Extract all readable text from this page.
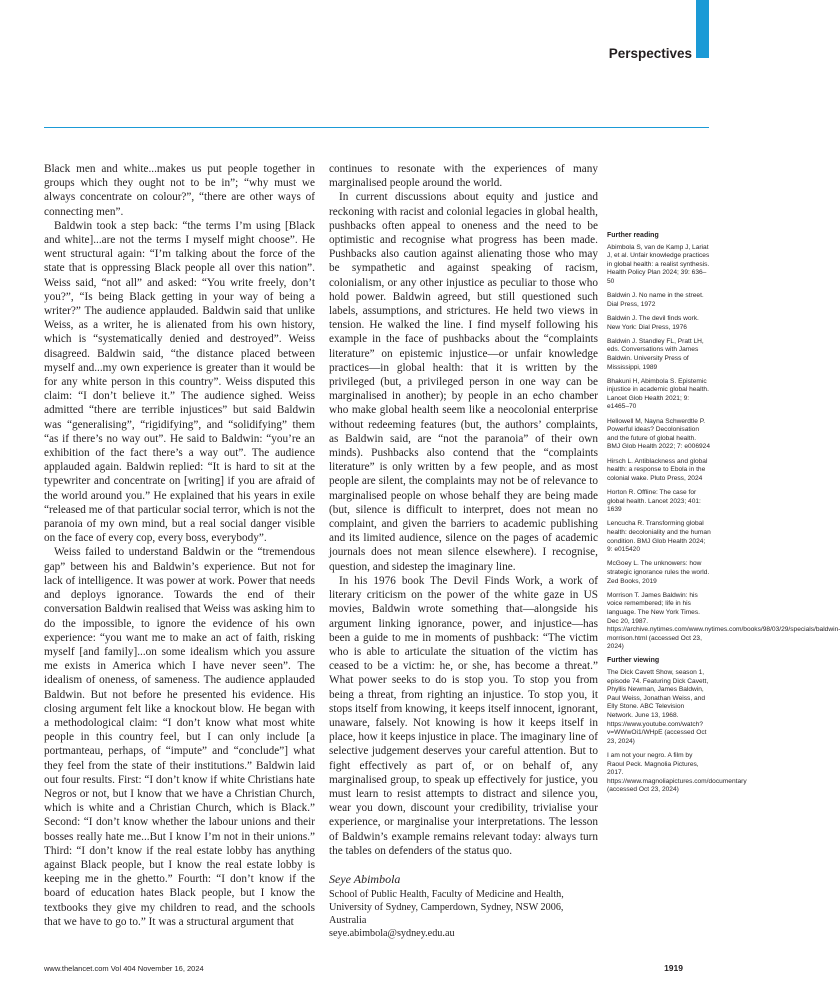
Perspectives

Black men and white...makes us put people together in groups which they ought not to be in”; “why must we always concentrate on colour?”, “there are other ways of connecting men”.

Baldwin took a step back: “the terms I’m using [Black and white]...are not the terms I myself might choose”. He went structural again: “I’m talking about the force of the state that is oppressing Black people all over this nation”. Weiss said, “not all” and asked: “You write freely, don’t you?”, “Is being Black getting in your way of being a writer?” The audience applauded. Baldwin said that unlike Weiss, as a writer, he is alienated from his own history, which is “systematically denied and destroyed”. Weiss disagreed. Baldwin said, “the distance placed between myself and...my own experience is greater than it would be for any white person in this country”. Weiss disputed this claim: “I don’t believe it.” The audience sighed. Weiss admitted “there are terrible injustices” but said Baldwin was “generalising”, “rigidifying”, and “solidifying” them “as if there’s no way out”. He said to Baldwin: “you’re an exhibition of the fact there’s a way out”. The audience applauded again. Baldwin replied: “It is hard to sit at the typewriter and concentrate on [writing] if you are afraid of the world around you.” He explained that his years in exile “released me of that particular social terror, which is not the paranoia of my own mind, but a real social danger visible on the face of every cop, every boss, everybody”.

Weiss failed to understand Baldwin or the “tremendous gap” between his and Baldwin’s experience. But not for lack of intelligence. It was power at work. Power that needs and deploys ignorance. Towards the end of their conversation Baldwin realised that Weiss was asking him to do the impossible, to ignore the evidence of his own experience: “you want me to make an act of faith, risking myself [and family]...on some idealism which you assure me exists in America which I have never seen”. The idealism of oneness, of sameness. The audience applauded Baldwin. But not before he presented his evidence. His closing argument felt like a knockout blow. He began with a methodological claim: “I don’t know what most white people in this country feel, but I can only include [a portmanteau, perhaps, of “impute” and “conclude”] what they feel from the state of their institutions.” Baldwin laid out four results. First: “I don’t know if white Christians hate Negros or not, but I know that we have a Christian Church, which is white and a Christian Church, which is Black.” Second: “I don’t know whether the labour unions and their bosses really hate me...But I know I’m not in their unions.” Third: “I don’t know if the real estate lobby has anything against Black people, but I know the real estate lobby is keeping me in the ghetto.” Fourth: “I don’t know if the board of education hates Black people, but I know the textbooks they give my children to read, and the schools that we have to go to.” It was a structural argument that

continues to resonate with the experiences of many marginalised people around the world.

In current discussions about equity and justice and reckoning with racist and colonial legacies in global health, pushbacks often appeal to oneness and the need to be optimistic and recognise what progress has been made. Pushbacks also caution against alienating those who may be sympathetic and against speaking of racism, colonialism, or any other injustice as peculiar to those who hold power. Baldwin agreed, but still questioned such labels, assumptions, and strictures. He held two views in tension. He walked the line. I find myself following his example in the face of pushbacks about the “complaints literature” on epistemic injustice—or unfair knowledge practices—in global health: that it is written by the privileged (but, a privileged person in one way can be marginalised in another); by people in an echo chamber who make global health seem like a neocolonial enterprise without redeeming features (but, the authors’ complaints, as Baldwin said, are “not the paranoia” of their own minds). Pushbacks also contend that the “complaints literature” is only written by a few people, and as most people are silent, the complaints may not be of relevance to marginalised people on whose behalf they are being made (but, silence is difficult to interpret, does not mean no complaint, and given the barriers to academic publishing and its limited audience, silence on the pages of academic journals does not mean silence elsewhere). I recognise, question, and sidestep the imaginary line.

In his 1976 book The Devil Finds Work, a work of literary criticism on the power of the white gaze in US movies, Baldwin wrote something that—alongside his argument linking ignorance, power, and injustice—has been a guide to me in moments of pushback: “The victim who is able to articulate the situation of the victim has ceased to be a victim: he, or she, has become a threat.” What power seeks to do is stop you. To stop you from being a threat, from righting an injustice. To stop you, it stops itself from knowing, it keeps itself innocent, ignorant, unaware, falsely. Not knowing is how it keeps itself in place, how it keeps injustice in place. The imaginary line of selective judgement deserves your careful attention. But to fight effectively as part of, or on behalf of, any marginalised group, to speak up effectively for justice, you must learn to resist attempts to distract and silence you, wear you down, discount your credibility, trivialise your experience, or marginalise your interpretations. The lesson of Baldwin’s example remains relevant today: always turn the tables on defenders of the status quo.

Seye Abimbola
School of Public Health, Faculty of Medicine and Health, University of Sydney, Camperdown, Sydney, NSW 2006, Australia
seye.abimbola@sydney.edu.au
Further reading
Abimbola S, van de Kamp J, Lariat J, et al. Unfair knowledge practices in global health: a realist synthesis. Health Policy Plan 2024; 39: 636–50
Baldwin J. No name in the street. Dial Press, 1972
Baldwin J. The devil finds work. New York: Dial Press, 1976
Baldwin J. Standley FL, Pratt LH, eds. Conversations with James Baldwin. University Press of Mississippi, 1989
Bhakuni H, Abimbola S. Epistemic injustice in academic global health. Lancet Glob Health 2021; 9: e1465–70
Hellowell M, Nayna Schwerdtle P. Powerful ideas? Decolonisation and the future of global health. BMJ Glob Health 2022; 7: e006924
Hirsch L. Antiblackness and global health: a response to Ebola in the colonial wake. Pluto Press, 2024
Horton R. Offline: The case for global health. Lancet 2023; 401: 1639
Lencucha R. Transforming global health: decoloniality and the human condition. BMJ Glob Health 2024; 9: e015420
McGoey L. The unknowers: how strategic ignorance rules the world. Zed Books, 2019
Morrison T. James Baldwin: his voice remembered; life in his language. The New York Times. Dec 20, 1987. https://archive.nytimes.com/www.nytimes.com/books/98/03/29/specials/baldwin-morrison.html (accessed Oct 23, 2024)
Further viewing
The Dick Cavett Show, season 1, episode 74. Featuring Dick Cavett, Phyllis Newman, James Baldwin, Paul Weiss, Jonathan Weiss, and Elly Stone. ABC Television Network. June 13, 1968. https://www.youtube.com/watch?v=WWwOi1/WHpE (accessed Oct 23, 2024)
I am not your negro. A film by Raoul Peck. Magnolia Pictures, 2017. https://www.magnoliapictures.com/documentary (accessed Oct 23, 2024)
www.thelancet.com Vol 404 November 16, 2024	1919
